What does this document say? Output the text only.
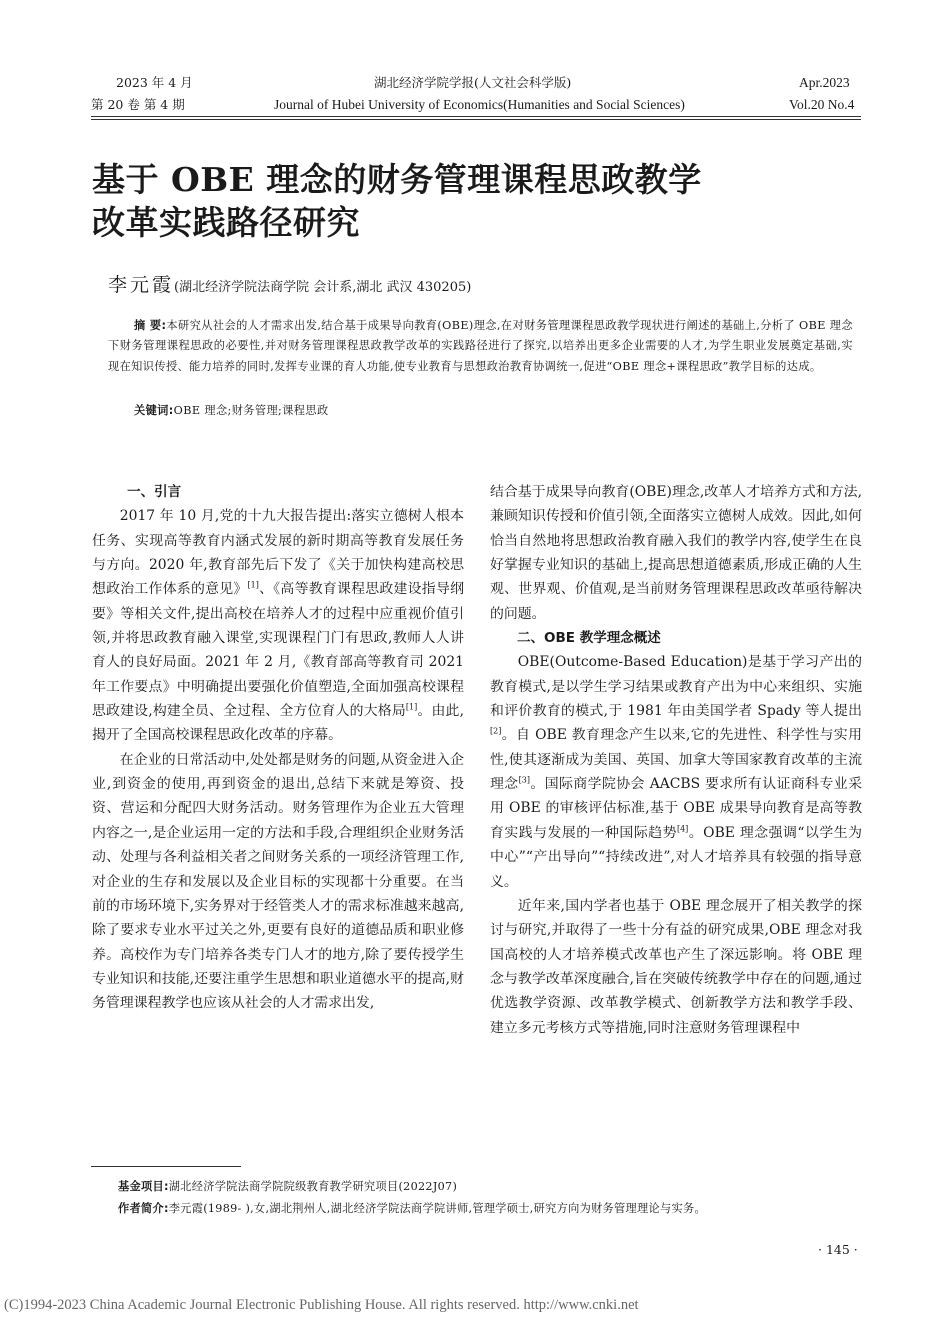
2023 年 4 月
第 20 卷 第 4 期
湖北经济学院学报(人文社会科学版)
Journal of Hubei University of Economics(Humanities and Social Sciences)
Apr.2023
Vol.20 No.4
基于 OBE 理念的财务管理课程思政教学
改革实践路径研究
李元霞(湖北经济学院法商学院 会计系,湖北 武汉 430205)
摘 要:本研究从社会的人才需求出发,结合基于成果导向教育(OBE)理念,在对财务管理课程思政教学现状进行阐述的基础上,分析了 OBE 理念下财务管理课程思政的必要性,并对财务管理课程思政教学改革的实践路径进行了探究,以培养出更多企业需要的人才,为学生职业发展奠定基础,实现在知识传授、能力培养的同时,发挥专业课的育人功能,使专业教育与思想政治教育协调统一,促进“OBE 理念+课程思政”教学目标的达成。
关键词:OBE 理念;财务管理;课程思政
一、引言

2017 年 10 月,党的十九大报告提出:落实立德树人根本任务、实现高等教育内涵式发展的新时期高等教育发展任务与方向。2020 年,教育部先后下发了《关于加快构建高校思想政治工作体系的意见》[1]、《高等教育课程思政建设指导纲要》等相关文件,提出高校在培养人才的过程中应重视价值引领,并将思政教育融入课堂,实现课程门门有思政,教师人人讲育人的良好局面。2021 年 2 月,《教育部高等教育司 2021 年工作要点》中明确提出要强化价值塑造,全面加强高校课程思政建设,构建全员、全过程、全方位育人的大格局[1]。由此,揭开了全国高校课程思政化改革的序幕。

在企业的日常活动中,处处都是财务的问题,从资金进入企业,到资金的使用,再到资金的退出,总结下来就是筹资、投资、营运和分配四大财务活动。财务管理作为企业五大管理内容之一,是企业运用一定的方法和手段,合理组织企业财务活动、处理与各利益相关者之间财务关系的一项经济管理工作,对企业的生存和发展以及企业目标的实现都十分重要。在当前的市场环境下,实务界对于经管类人才的需求标准越来越高,除了要求专业水平过关之外,更要有良好的道德品质和职业修养。高校作为专门培养各类专门人才的地方,除了要传授学生专业知识和技能,还要注重学生思想和职业道德水平的提高,财务管理课程教学也应该从社会的人才需求出发,

结合基于成果导向教育(OBE)理念,改革人才培养方式和方法,兼顾知识传授和价值引领,全面落实立德树人成效。因此,如何恰当自然地将思想政治教育融入我们的教学内容,使学生在良好掌握专业知识的基础上,提高思想道德素质,形成正确的人生观、世界观、价值观,是当前财务管理课程思政改革亟待解决的问题。

二、OBE 教学理念概述

OBE(Outcome-Based Education)是基于学习产出的教育模式,是以学生学习结果或教育产出为中心来组织、实施和评价教育的模式,于 1981 年由美国学者 Spady 等人提出[2]。自 OBE 教育理念产生以来,它的先进性、科学性与实用性,使其逐渐成为美国、英国、加拿大等国家教育改革的主流理念[3]。国际商学院协会 AACBS 要求所有认证商科专业采用 OBE 的审核评估标准,基于 OBE 成果导向教育是高等教育实践与发展的一种国际趋势[4]。OBE 理念强调“以学生为中心”“产出导向”“持续改进”,对人才培养具有较强的指导意义。

近年来,国内学者也基于 OBE 理念展开了相关教学的探讨与研究,并取得了一些十分有益的研究成果,OBE 理念对我国高校的人才培养模式改革也产生了深远影响。将 OBE 理念与教学改革深度融合,旨在突破传统教学中存在的问题,通过优选教学资源、改革教学模式、创新教学方法和教学手段、建立多元考核方式等措施,同时注意财务管理课程中

基金项目:湖北经济学院法商学院院级教育教学研究项目(2022J07)
作者简介:李元霞(1989- ),女,湖北荆州人,湖北经济学院法商学院讲师,管理学硕士,研究方向为财务管理理论与实务。
· 145 ·
(C)1994-2023 China Academic Journal Electronic Publishing House. All rights reserved. http://www.cnki.net
